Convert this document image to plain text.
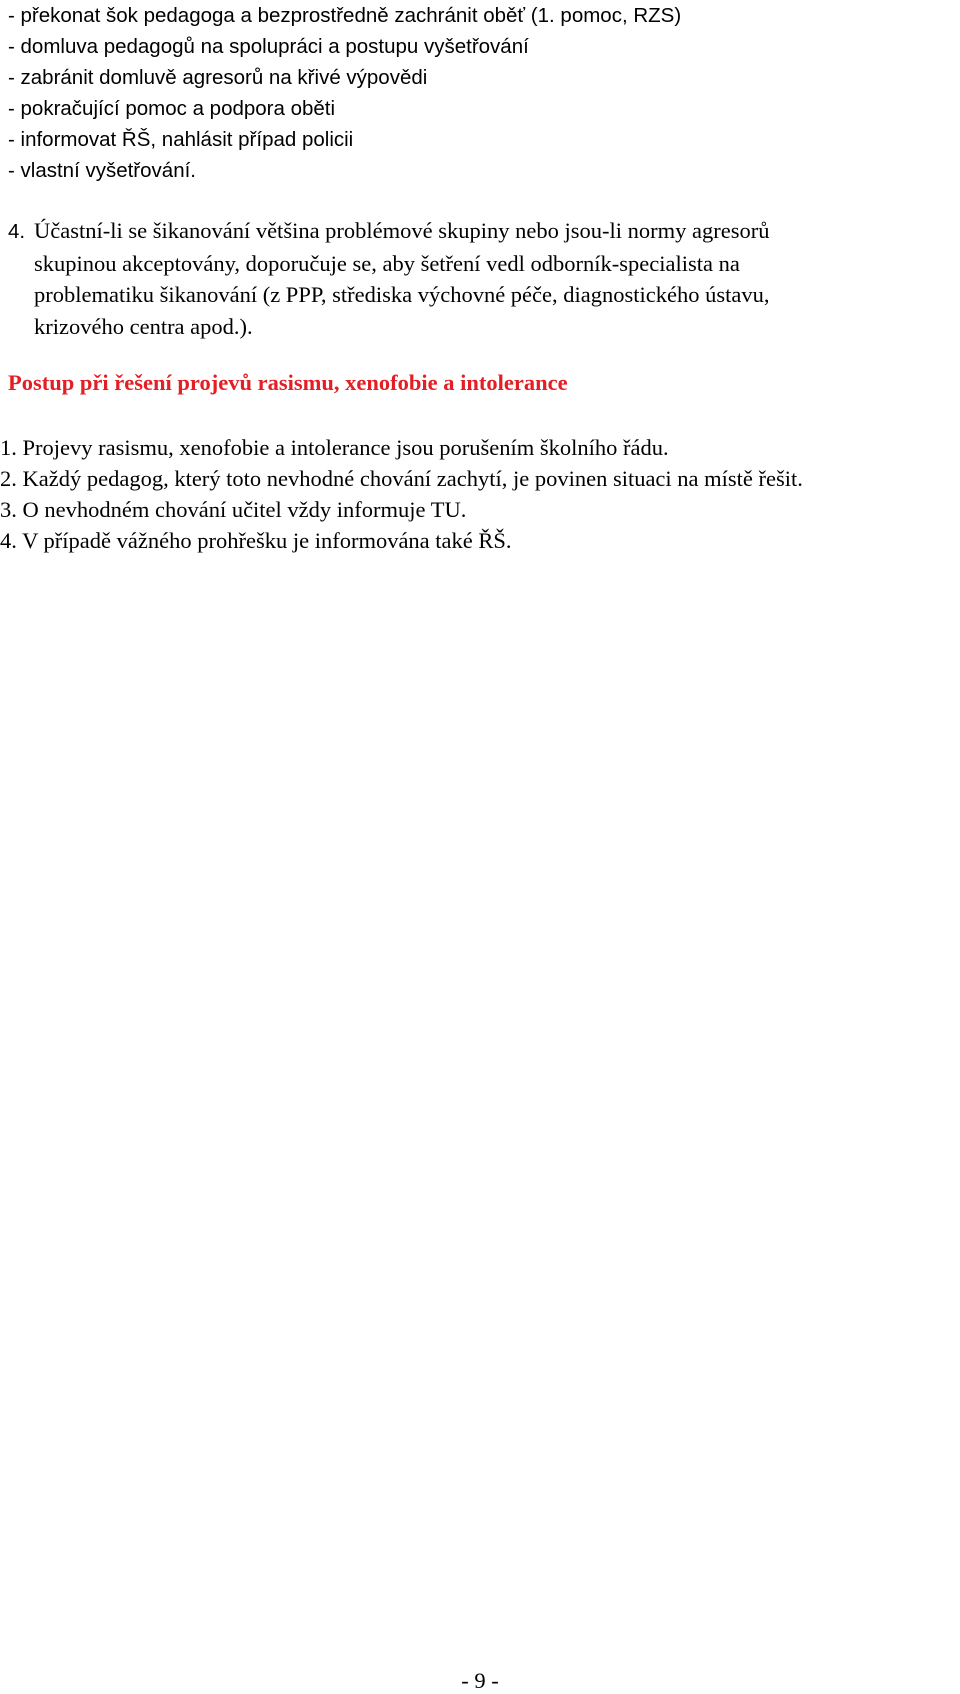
- překonat šok pedagoga a bezprostředně zachránit oběť (1. pomoc, RZS)
- domluva pedagogů na spolupráci a postupu vyšetřování
- zabránit domluvě agresorů na křivé výpovědi
- pokračující pomoc a podpora oběti
- informovat ŘŠ, nahlásit případ policii
- vlastní vyšetřování.
4. Účastní-li se šikanování většina problémové skupiny nebo jsou-li normy agresorů
skupinou akceptovány, doporučuje se, aby šetření vedl odborník-specialista na
problematiku šikanování (z PPP, střediska výchovné péče, diagnostického ústavu,
krizového centra apod.).
Postup při řešení projevů rasismu, xenofobie a intolerance
1. Projevy rasismu, xenofobie a intolerance jsou porušením školního řádu.
2. Každý pedagog, který toto nevhodné chování zachytí, je povinen situaci na místě řešit.
3. O nevhodném chování učitel vždy informuje TU.
4. V případě vážného prohřešku je informována také ŘŠ.
- 9 -
